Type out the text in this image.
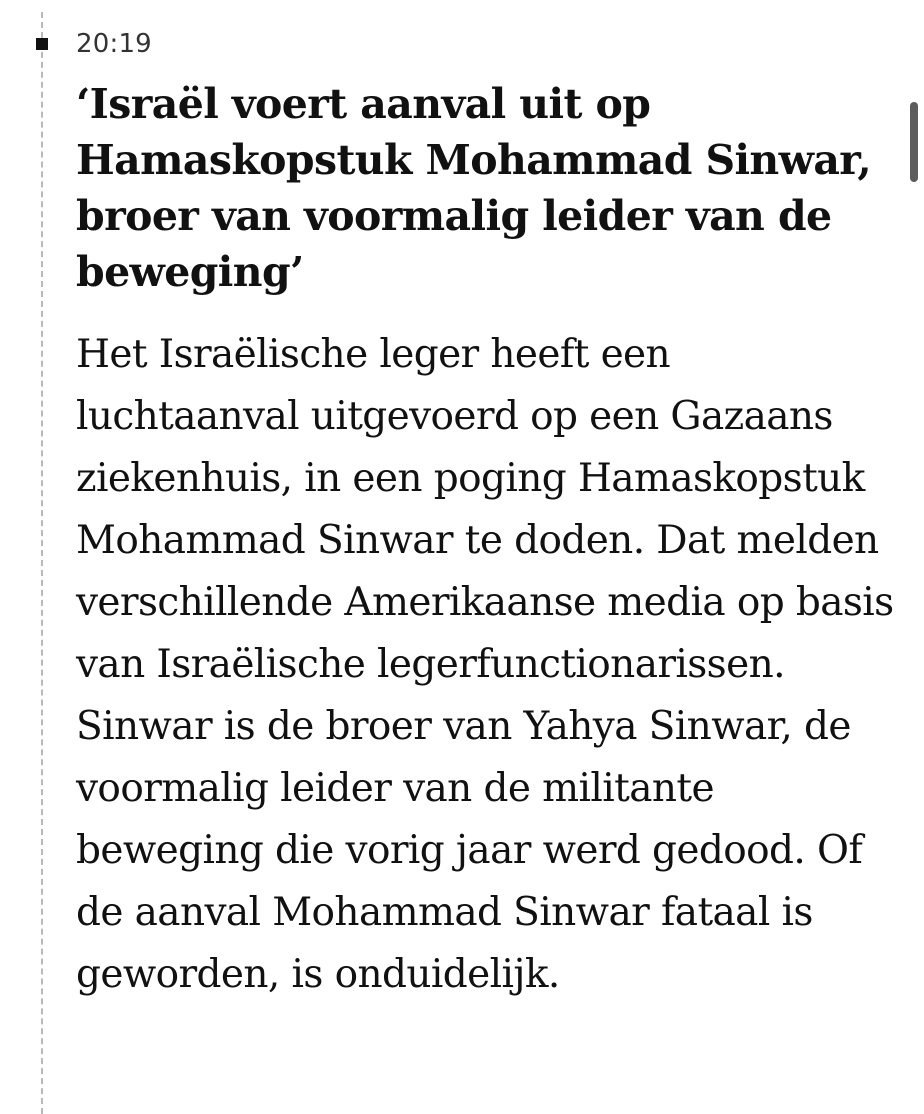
20:19
‘Israël voert aanval uit op Hamaskopstuk Mohammad Sinwar, broer van voormalig leider van de beweging’

Het Israëlische leger heeft een luchtaanval uitgevoerd op een Gazaans ziekenhuis, in een poging Hamaskopstuk Mohammad Sinwar te doden. Dat melden verschillende Amerikaanse media op basis van Israëlische legerfunctionarissen. Sinwar is de broer van Yahya Sinwar, de voormalig leider van de militante beweging die vorig jaar werd gedood. Of de aanval Mohammad Sinwar fataal is geworden, is onduidelijk.
